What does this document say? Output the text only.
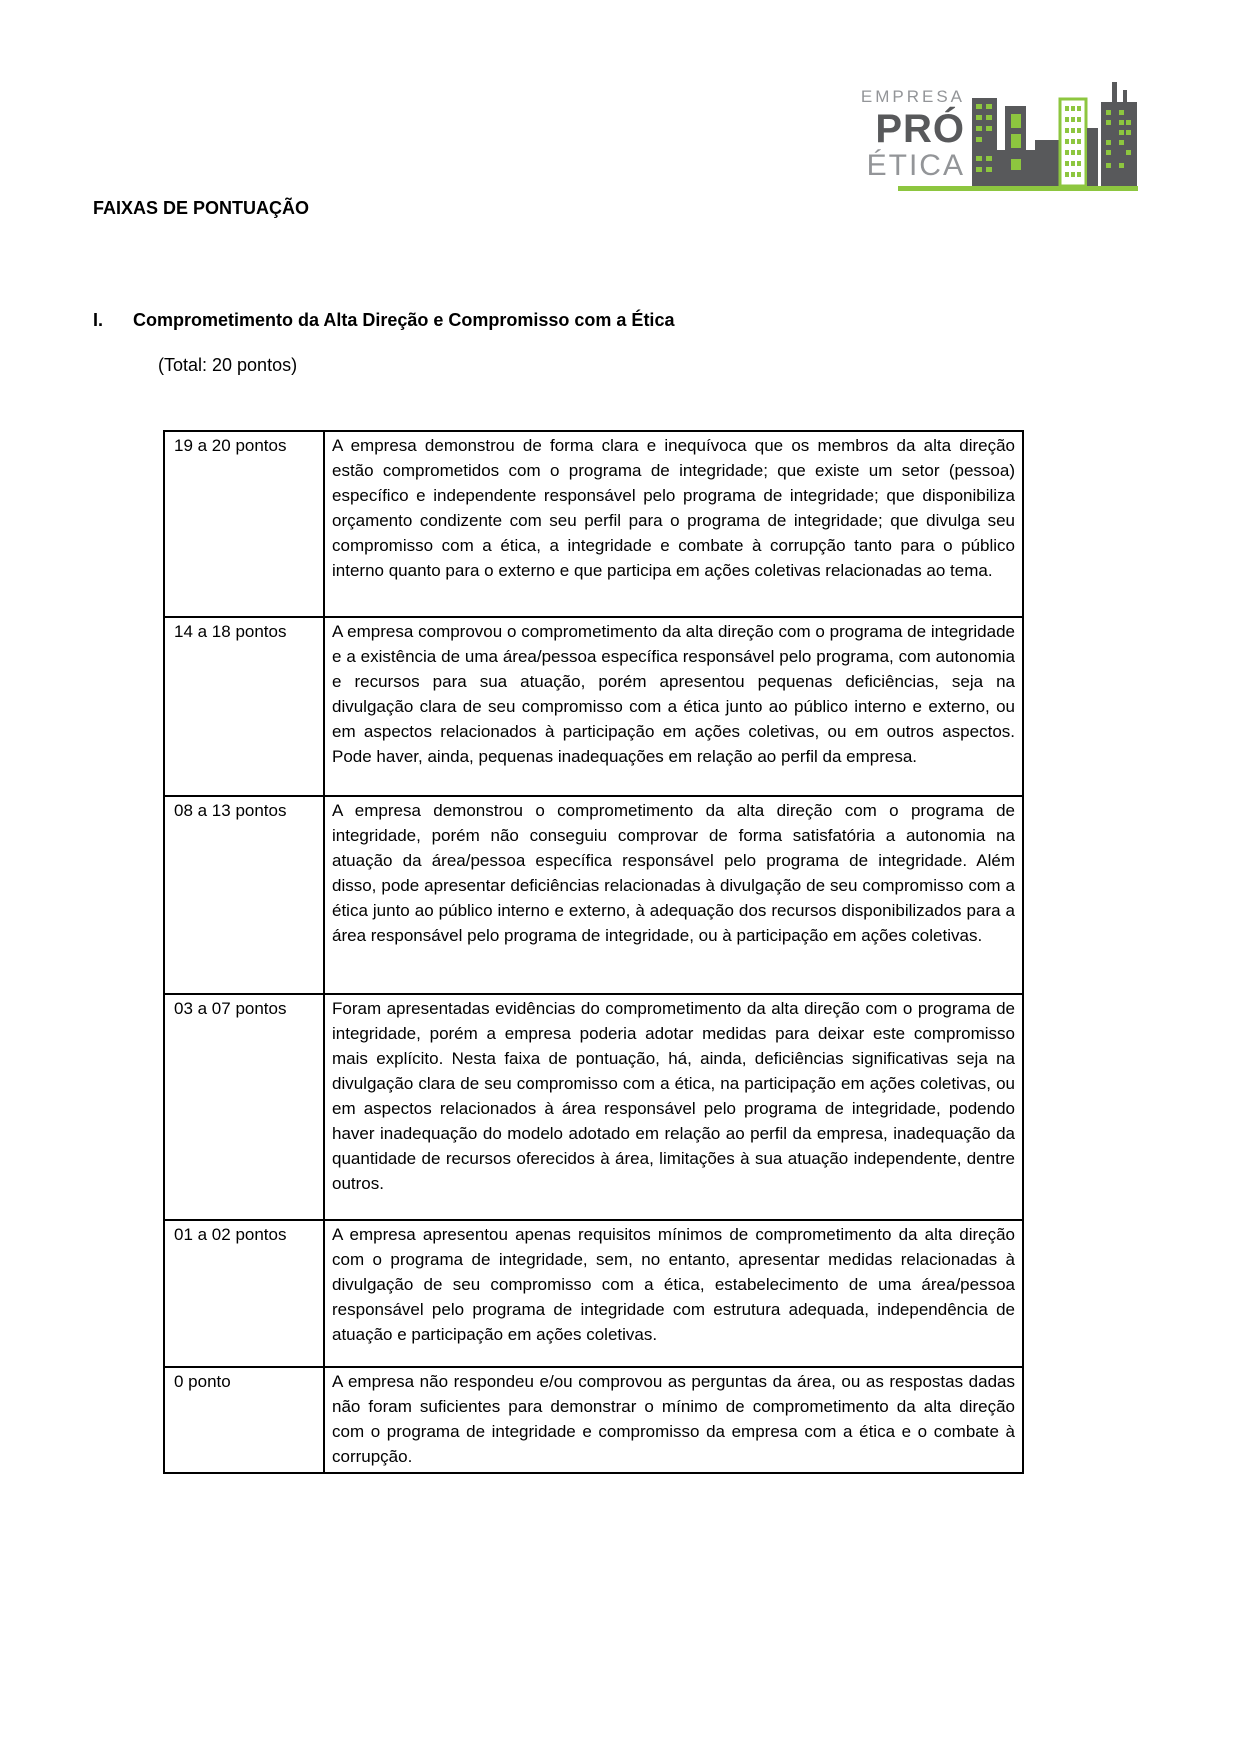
EMPRESA
PRÓ
ÉTICA
FAIXAS DE PONTUAÇÃO
I. Comprometimento da Alta Direção e Compromisso com a Ética
(Total: 20 pontos)
19 a 20 pontos	A empresa demonstrou de forma clara e inequívoca que os membros da alta direção estão comprometidos com o programa de integridade; que existe um setor (pessoa) específico e independente responsável pelo programa de integridade; que disponibiliza orçamento condizente com seu perfil para o programa de integridade; que divulga seu compromisso com a ética, a integridade e combate à corrupção tanto para o público interno quanto para o externo e que participa em ações coletivas relacionadas ao tema.
14 a 18 pontos	A empresa comprovou o comprometimento da alta direção com o programa de integridade e a existência de uma área/pessoa específica responsável pelo programa, com autonomia e recursos para sua atuação, porém apresentou pequenas deficiências, seja na divulgação clara de seu compromisso com a ética junto ao público interno e externo, ou em aspectos relacionados à participação em ações coletivas, ou em outros aspectos. Pode haver, ainda, pequenas inadequações em relação ao perfil da empresa.
08 a 13 pontos	A empresa demonstrou o comprometimento da alta direção com o programa de integridade, porém não conseguiu comprovar de forma satisfatória a autonomia na atuação da área/pessoa específica responsável pelo programa de integridade. Além disso, pode apresentar deficiências relacionadas à divulgação de seu compromisso com a ética junto ao público interno e externo, à adequação dos recursos disponibilizados para a área responsável pelo programa de integridade, ou à participação em ações coletivas.
03 a 07 pontos	Foram apresentadas evidências do comprometimento da alta direção com o programa de integridade, porém a empresa poderia adotar medidas para deixar este compromisso mais explícito. Nesta faixa de pontuação, há, ainda, deficiências significativas seja na divulgação clara de seu compromisso com a ética, na participação em ações coletivas, ou em aspectos relacionados à área responsável pelo programa de integridade, podendo haver inadequação do modelo adotado em relação ao perfil da empresa, inadequação da quantidade de recursos oferecidos à área, limitações à sua atuação independente, dentre outros.
01 a 02 pontos	A empresa apresentou apenas requisitos mínimos de comprometimento da alta direção com o programa de integridade, sem, no entanto, apresentar medidas relacionadas à divulgação de seu compromisso com a ética, estabelecimento de uma área/pessoa responsável pelo programa de integridade com estrutura adequada, independência de atuação e participação em ações coletivas.
0 ponto	A empresa não respondeu e/ou comprovou as perguntas da área, ou as respostas dadas não foram suficientes para demonstrar o mínimo de comprometimento da alta direção com o programa de integridade e compromisso da empresa com a ética e o combate à corrupção.
